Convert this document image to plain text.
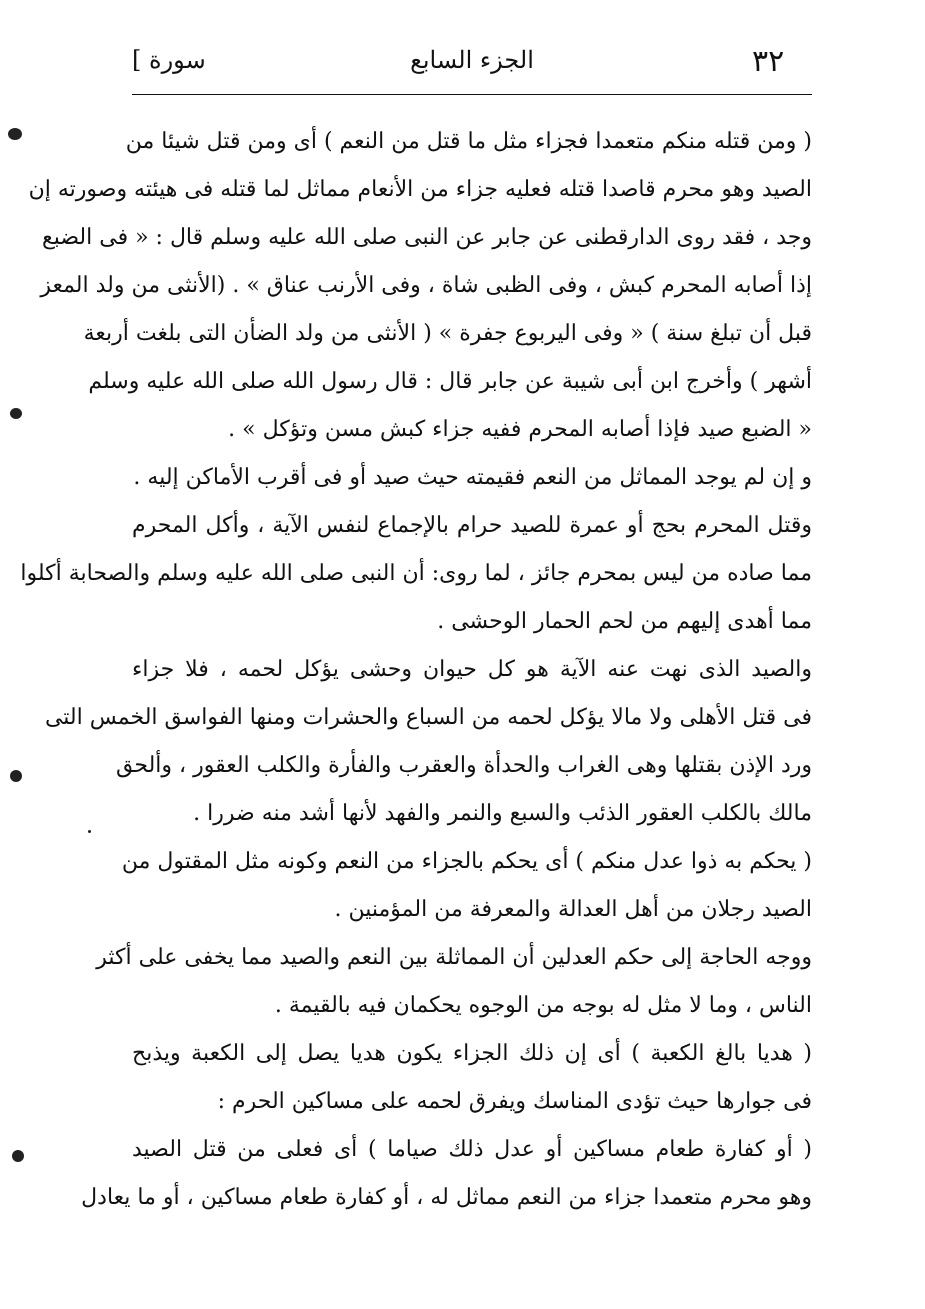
٣٢
الجزء السابع
[ سورة
( ومن قتله منكم متعمدا فجزاء مثل ما قتل من النعم ) أى ومن قتل شيئا من
الصيد وهو محرم قاصدا قتله فعليه جزاء من الأنعام مماثل لما قتله فى هيئته وصورته إن
وجد ، فقد روى الدارقطنى عن جابر عن النبى صلى الله عليه وسلم قال : « فى الضبع
إذا أصابه المحرم كبش ، وفى الظبى شاة ، وفى الأرنب عناق » . (الأنثى من ولد المعز
قبل أن تبلغ سنة ) « وفى اليربوع جفرة » ( الأنثى من ولد الضأن التى بلغت أربعة
أشهر ) وأخرج ابن أبى شيبة عن جابر قال : قال رسول الله صلى الله عليه وسلم
« الضبع صيد فإذا أصابه المحرم ففيه جزاء كبش مسن وتؤكل » .
و إن لم يوجد المماثل من النعم فقيمته حيث صيد أو فى أقرب الأماكن إليه .
وقتل المحرم بحج أو عمرة للصيد حرام بالإجماع لنفس الآية ، وأكل المحرم
مما صاده من ليس بمحرم جائز ، لما روى: أن النبى صلى الله عليه وسلم والصحابة أكلوا
مما أهدى إليهم من لحم الحمار الوحشى .
والصيد الذى نهت عنه الآية هو كل حيوان وحشى يؤكل لحمه ، فلا جزاء
فى قتل الأهلى ولا مالا يؤكل لحمه من السباع والحشرات ومنها الفواسق الخمس التى
ورد الإذن بقتلها وهى الغراب والحدأة والعقرب والفأرة والكلب العقور ، وألحق
مالك بالكلب العقور الذئب والسبع والنمر والفهد لأنها أشد منه ضررا .
( يحكم به ذوا عدل منكم ) أى يحكم بالجزاء من النعم وكونه مثل المقتول من
الصيد رجلان من أهل العدالة والمعرفة من المؤمنين .
ووجه الحاجة إلى حكم العدلين أن المماثلة بين النعم والصيد مما يخفى على أكثر
الناس ، وما لا مثل له بوجه من الوجوه يحكمان فيه بالقيمة .
( هديا بالغ الكعبة ) أى إن ذلك الجزاء يكون هديا يصل إلى الكعبة ويذبح
فى جوارها حيث تؤدى المناسك ويفرق لحمه على مساكين الحرم :
( أو كفارة طعام مساكين أو عدل ذلك صياما ) أى فعلى من قتل الصيد
وهو محرم متعمدا جزاء من النعم مماثل له ، أو كفارة طعام مساكين ، أو ما يعادل
